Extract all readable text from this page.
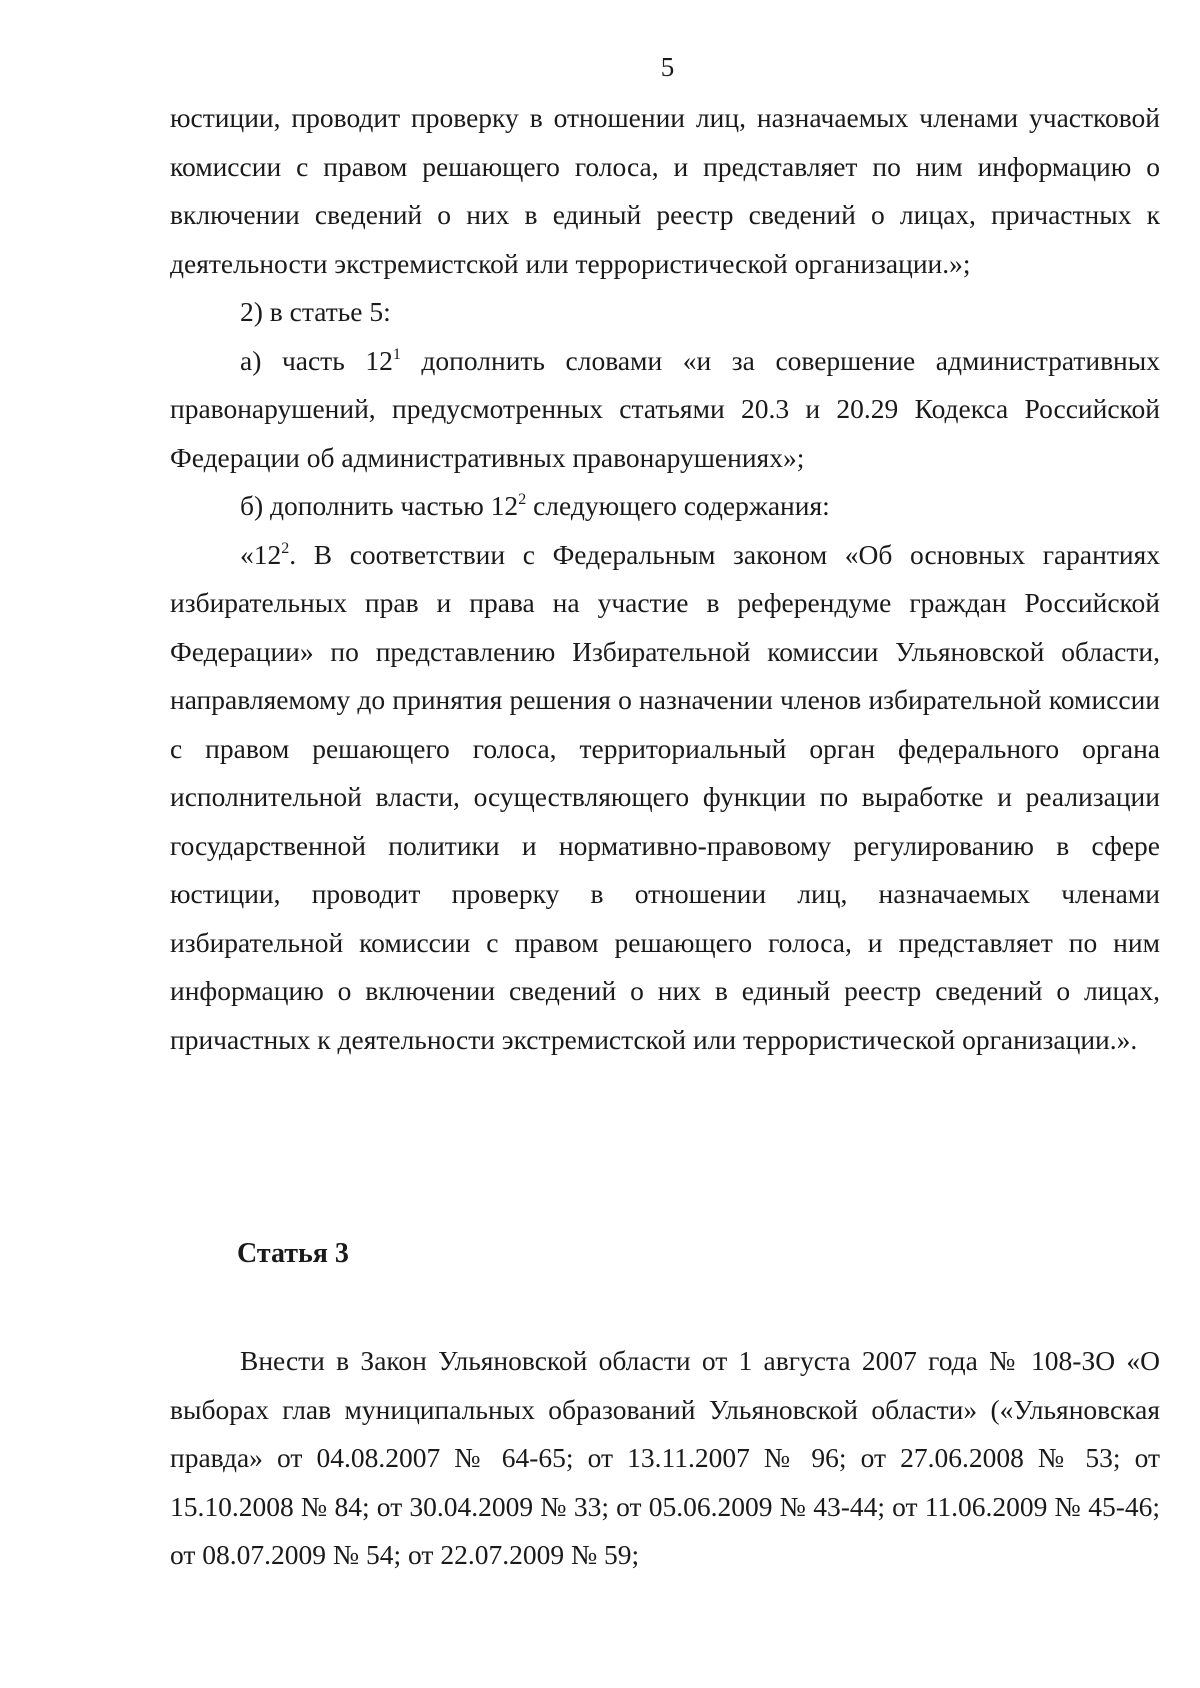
5

юстиции, проводит проверку в отношении лиц, назначаемых членами участковой комиссии с правом решающего голоса, и представляет по ним информацию о включении сведений о них в единый реестр сведений о лицах, причастных к деятельности экстремистской или террористической организации.»;

2) в статье 5:

а) часть $12^1$ дополнить словами «и за совершение административных правонарушений, предусмотренных статьями 20.3 и 20.29 Кодекса Российской Федерации об административных правонарушениях»;

б) дополнить частью $12^2$ следующего содержания:

«$12^2$. В соответствии с Федеральным законом «Об основных гарантиях избирательных прав и права на участие в референдуме граждан Российской Федерации» по представлению Избирательной комиссии Ульяновской области, направляемому до принятия решения о назначении членов избирательной комиссии с правом решающего голоса, территориальный орган федерального органа исполнительной власти, осуществляющего функции по выработке и реализации государственной политики и нормативно-правовому регулированию в сфере юстиции, проводит проверку в отношении лиц, назначаемых членами избирательной комиссии с правом решающего голоса, и представляет по ним информацию о включении сведений о них в единый реестр сведений о лицах, причастных к деятельности экстремистской или террористической организации.».

Статья 3

Внести в Закон Ульяновской области от 1 августа 2007 года № 108-ЗО «О выборах глав муниципальных образований Ульяновской области» («Ульяновская правда» от 04.08.2007 № 64-65; от 13.11.2007 № 96; от 27.06.2008 № 53; от 15.10.2008 № 84; от 30.04.2009 № 33; от 05.06.2009 № 43-44; от 11.06.2009 № 45-46; от 08.07.2009 № 54; от 22.07.2009 № 59;
